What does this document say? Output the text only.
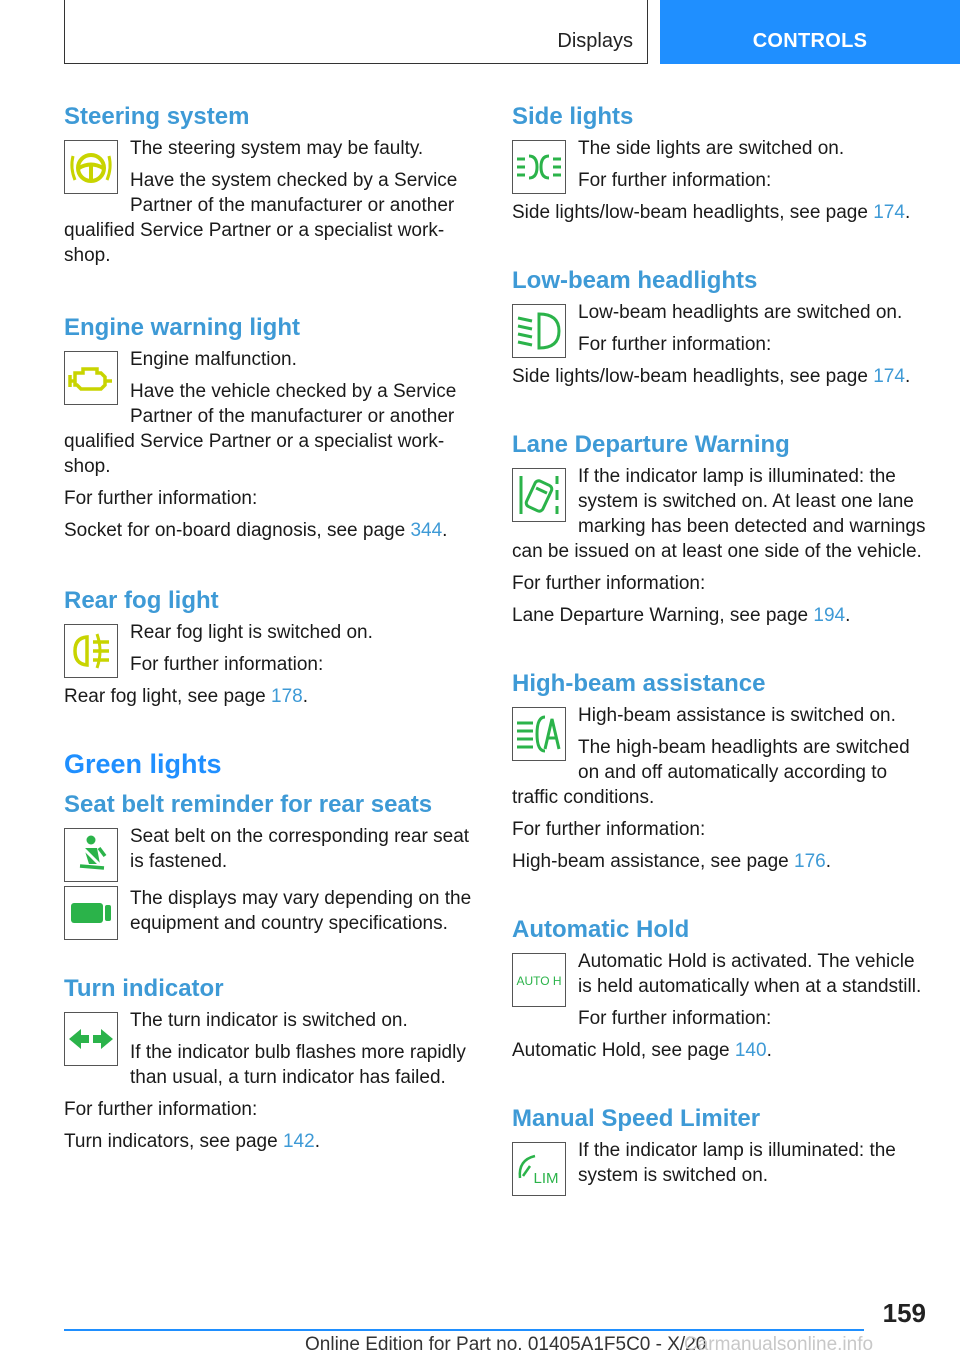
Displays	CONTROLS
Steering system

The steering system may be faulty.

Have the system checked by a Service Partner of the manufacturer or another qualified Service Partner or a specialist workshop.

Engine warning light

Engine malfunction.

Have the vehicle checked by a Service Partner of the manufacturer or another qualified Service Partner or a specialist workshop.

For further information:

Socket for on-board diagnosis, see page 344.

Rear fog light

Rear fog light is switched on.

For further information:

Rear fog light, see page 178.

Green lights
Seat belt reminder for rear seats

Seat belt on the corresponding rear seat is fastened.

The displays may vary depending on the equipment and country specifications.

Turn indicator

The turn indicator is switched on.

If the indicator bulb flashes more rapidly than usual, a turn indicator has failed.

For further information:

Turn indicators, see page 142.

Side lights

The side lights are switched on.

For further information:

Side lights/low-beam headlights, see page 174.

Low-beam headlights

Low-beam headlights are switched on.

For further information:

Side lights/low-beam headlights, see page 174.

Lane Departure Warning

If the indicator lamp is illuminated: the system is switched on. At least one lane marking has been detected and warnings can be issued on at least one side of the vehicle.

For further information:

Lane Departure Warning, see page 194.

High-beam assistance

High-beam assistance is switched on.

The high-beam headlights are switched on and off automatically according to traffic conditions.

For further information:

High-beam assistance, see page 176.

Automatic Hold
AUTO H

Automatic Hold is activated. The vehicle is held automatically when at a standstill.

For further information:

Automatic Hold, see page 140.

Manual Speed Limiter
LIM

If the indicator lamp is illuminated: the system is switched on.

159
Online Edition for Part no. 01405A1F5C0 - X/20
Carmanualsonline.info
